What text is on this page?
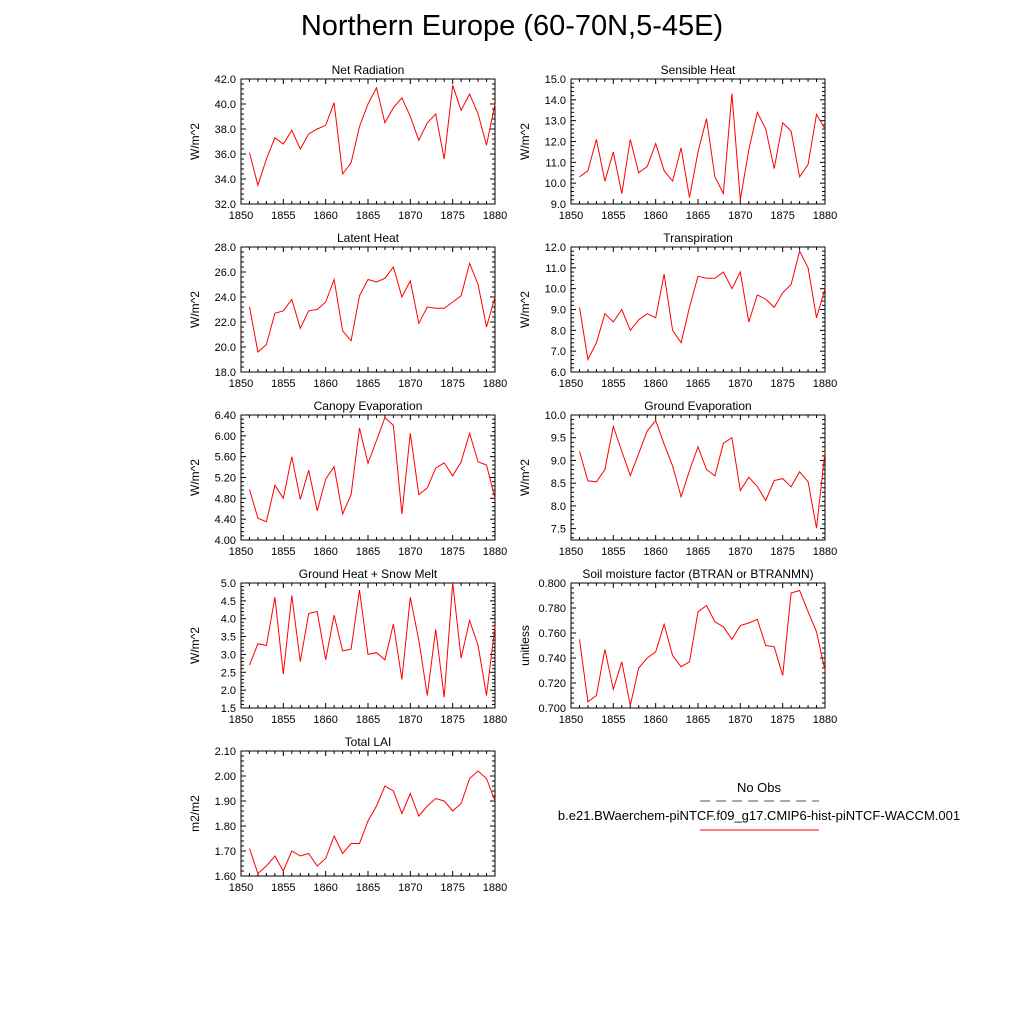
Northern Europe (60-70N,5-45E)
Net Radiation
W/m^2
1850 1855 1860 1865 1870 1875 1880
32.0
34.0
36.0
38.0
40.0
42.0
Sensible Heat
W/m^2
1850 1855 1860 1865 1870 1875 1880
9.0
10.0
11.0
12.0
13.0
14.0
15.0
Latent Heat
W/m^2
1850 1855 1860 1865 1870 1875 1880
18.0
20.0
22.0
24.0
26.0
28.0
Transpiration
W/m^2
1850 1855 1860 1865 1870 1875 1880
6.0
7.0
8.0
9.0
10.0
11.0
12.0
Canopy Evaporation
W/m^2
1850 1855 1860 1865 1870 1875 1880
4.00
4.40
4.80
5.20
5.60
6.00
6.40
Ground Evaporation
W/m^2
1850 1855 1860 1865 1870 1875 1880
7.5
8.0
8.5
9.0
9.5
10.0
Ground Heat + Snow Melt
W/m^2
1850 1855 1860 1865 1870 1875 1880
1.5
2.0
2.5
3.0
3.5
4.0
4.5
5.0
Soil moisture factor (BTRAN or BTRANMN)
unitless
1850 1855 1860 1865 1870 1875 1880
0.700
0.720
0.740
0.760
0.780
0.800
Total LAI
m2/m2
1850 1855 1860 1865 1870 1875 1880
1.60
1.70
1.80
1.90
2.00
2.10
No Obs
b.e21.BWaerchem-piNTCF.f09_g17.CMIP6-hist-piNTCF-WACCM.001
